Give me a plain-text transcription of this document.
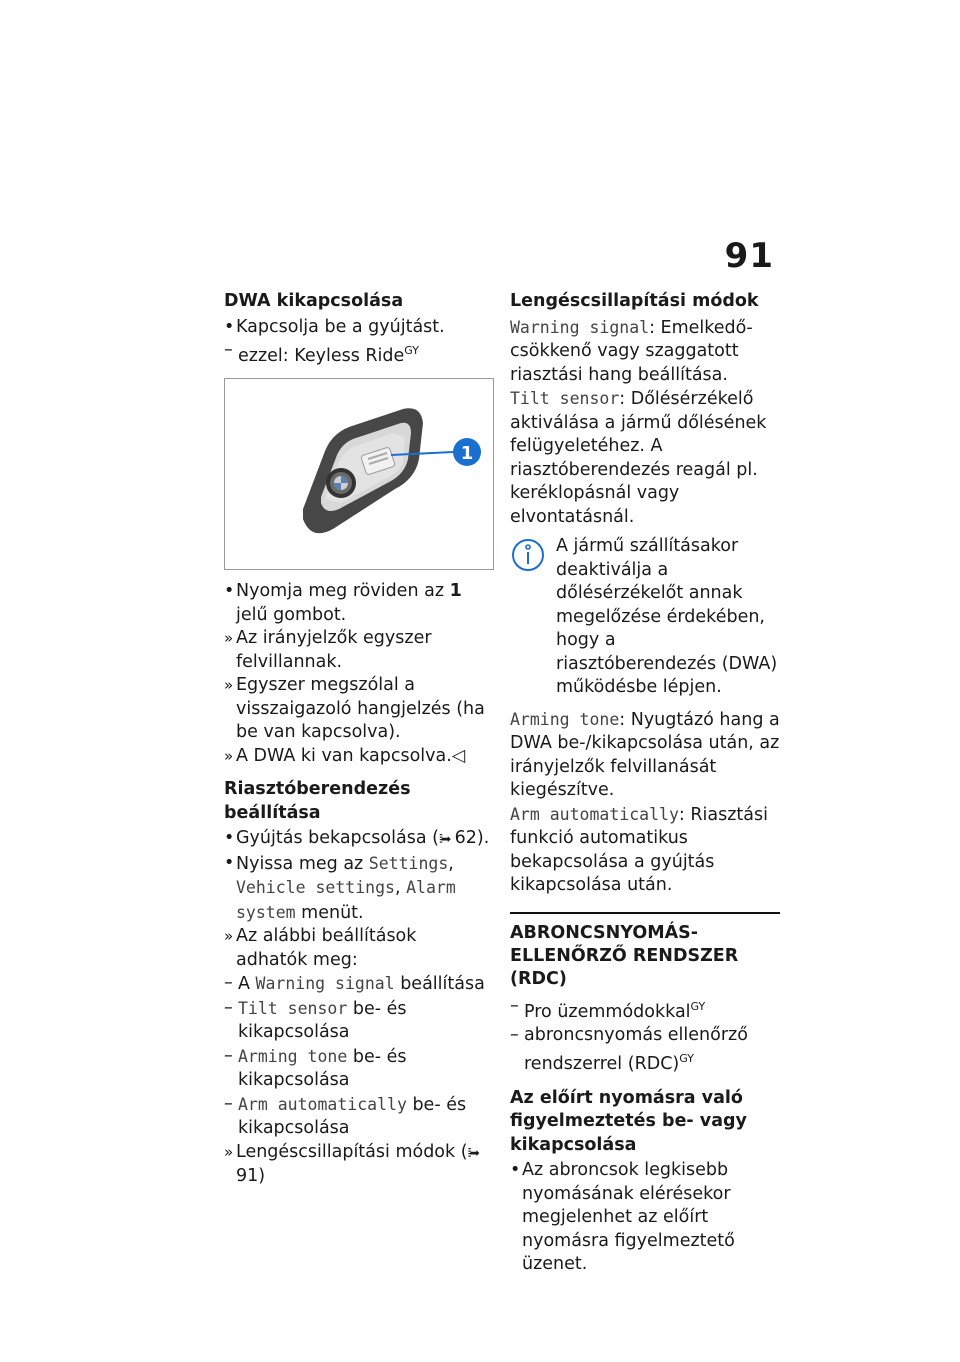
91
DWA kikapcsolása
• Kapcsolja be a gyújtást.
– ezzel: Keyless Ride$^{GY}$
1
• Nyomja meg röviden az 1 jelű gombot.
» Az irányjelzők egyszer felvillannak.
» Egyszer megszólal a visszaigazoló hangjelzés (ha be van kapcsolva).
» A DWA ki van kapcsolva.◁
Riasztóberendezés beállítása
• Gyújtás bekapcsolása (⦙⦙⦙➡ 62).
• Nyissa meg az Settings, Vehicle settings, Alarm system menüt.
» Az alábbi beállítások adhatók meg:
– A Warning signal beállítása
– Tilt sensor be- és kikapcsolása
– Arming tone be- és kikapcsolása
– Arm automatically be- és kikapcsolása
» Lengéscsillapítási módok (⦙⦙⦙➡ 91)
Lengéscsillapítási módok
Warning signal: Emelkedő-csökkenő vagy szaggatott riasztási hang beállítása.
Tilt sensor: Dőlésérzékelő aktiválása a jármű dőlésének felügyeletéhez. A riasztóberendezés reagál pl. keréklopásnál vagy elvontatásnál.
A jármű szállításakor deaktiválja a dőlésérzékelőt annak megelőzése érdekében, hogy a riasztóberendezés (DWA) működésbe lépjen.
Arming tone: Nyugtázó hang a DWA be-/kikapcsolása után, az irányjelzők felvillanását kiegészítve.
Arm automatically: Riasztási funkció automatikus bekapcsolása a gyújtás kikapcsolása után.
ABRONCSNYOMÁS-ELLENŐRZŐ RENDSZER (RDC)
– Pro üzemmódokkal$^{GY}$
– abroncsnyomás ellenőrző rendszerrel (RDC)$^{GY}$
Az előírt nyomásra való figyelmeztetés be- vagy kikapcsolása
• Az abroncsok legkisebb nyomásának elérésekor megjelenhet az előírt nyomásra figyelmeztető üzenet.
